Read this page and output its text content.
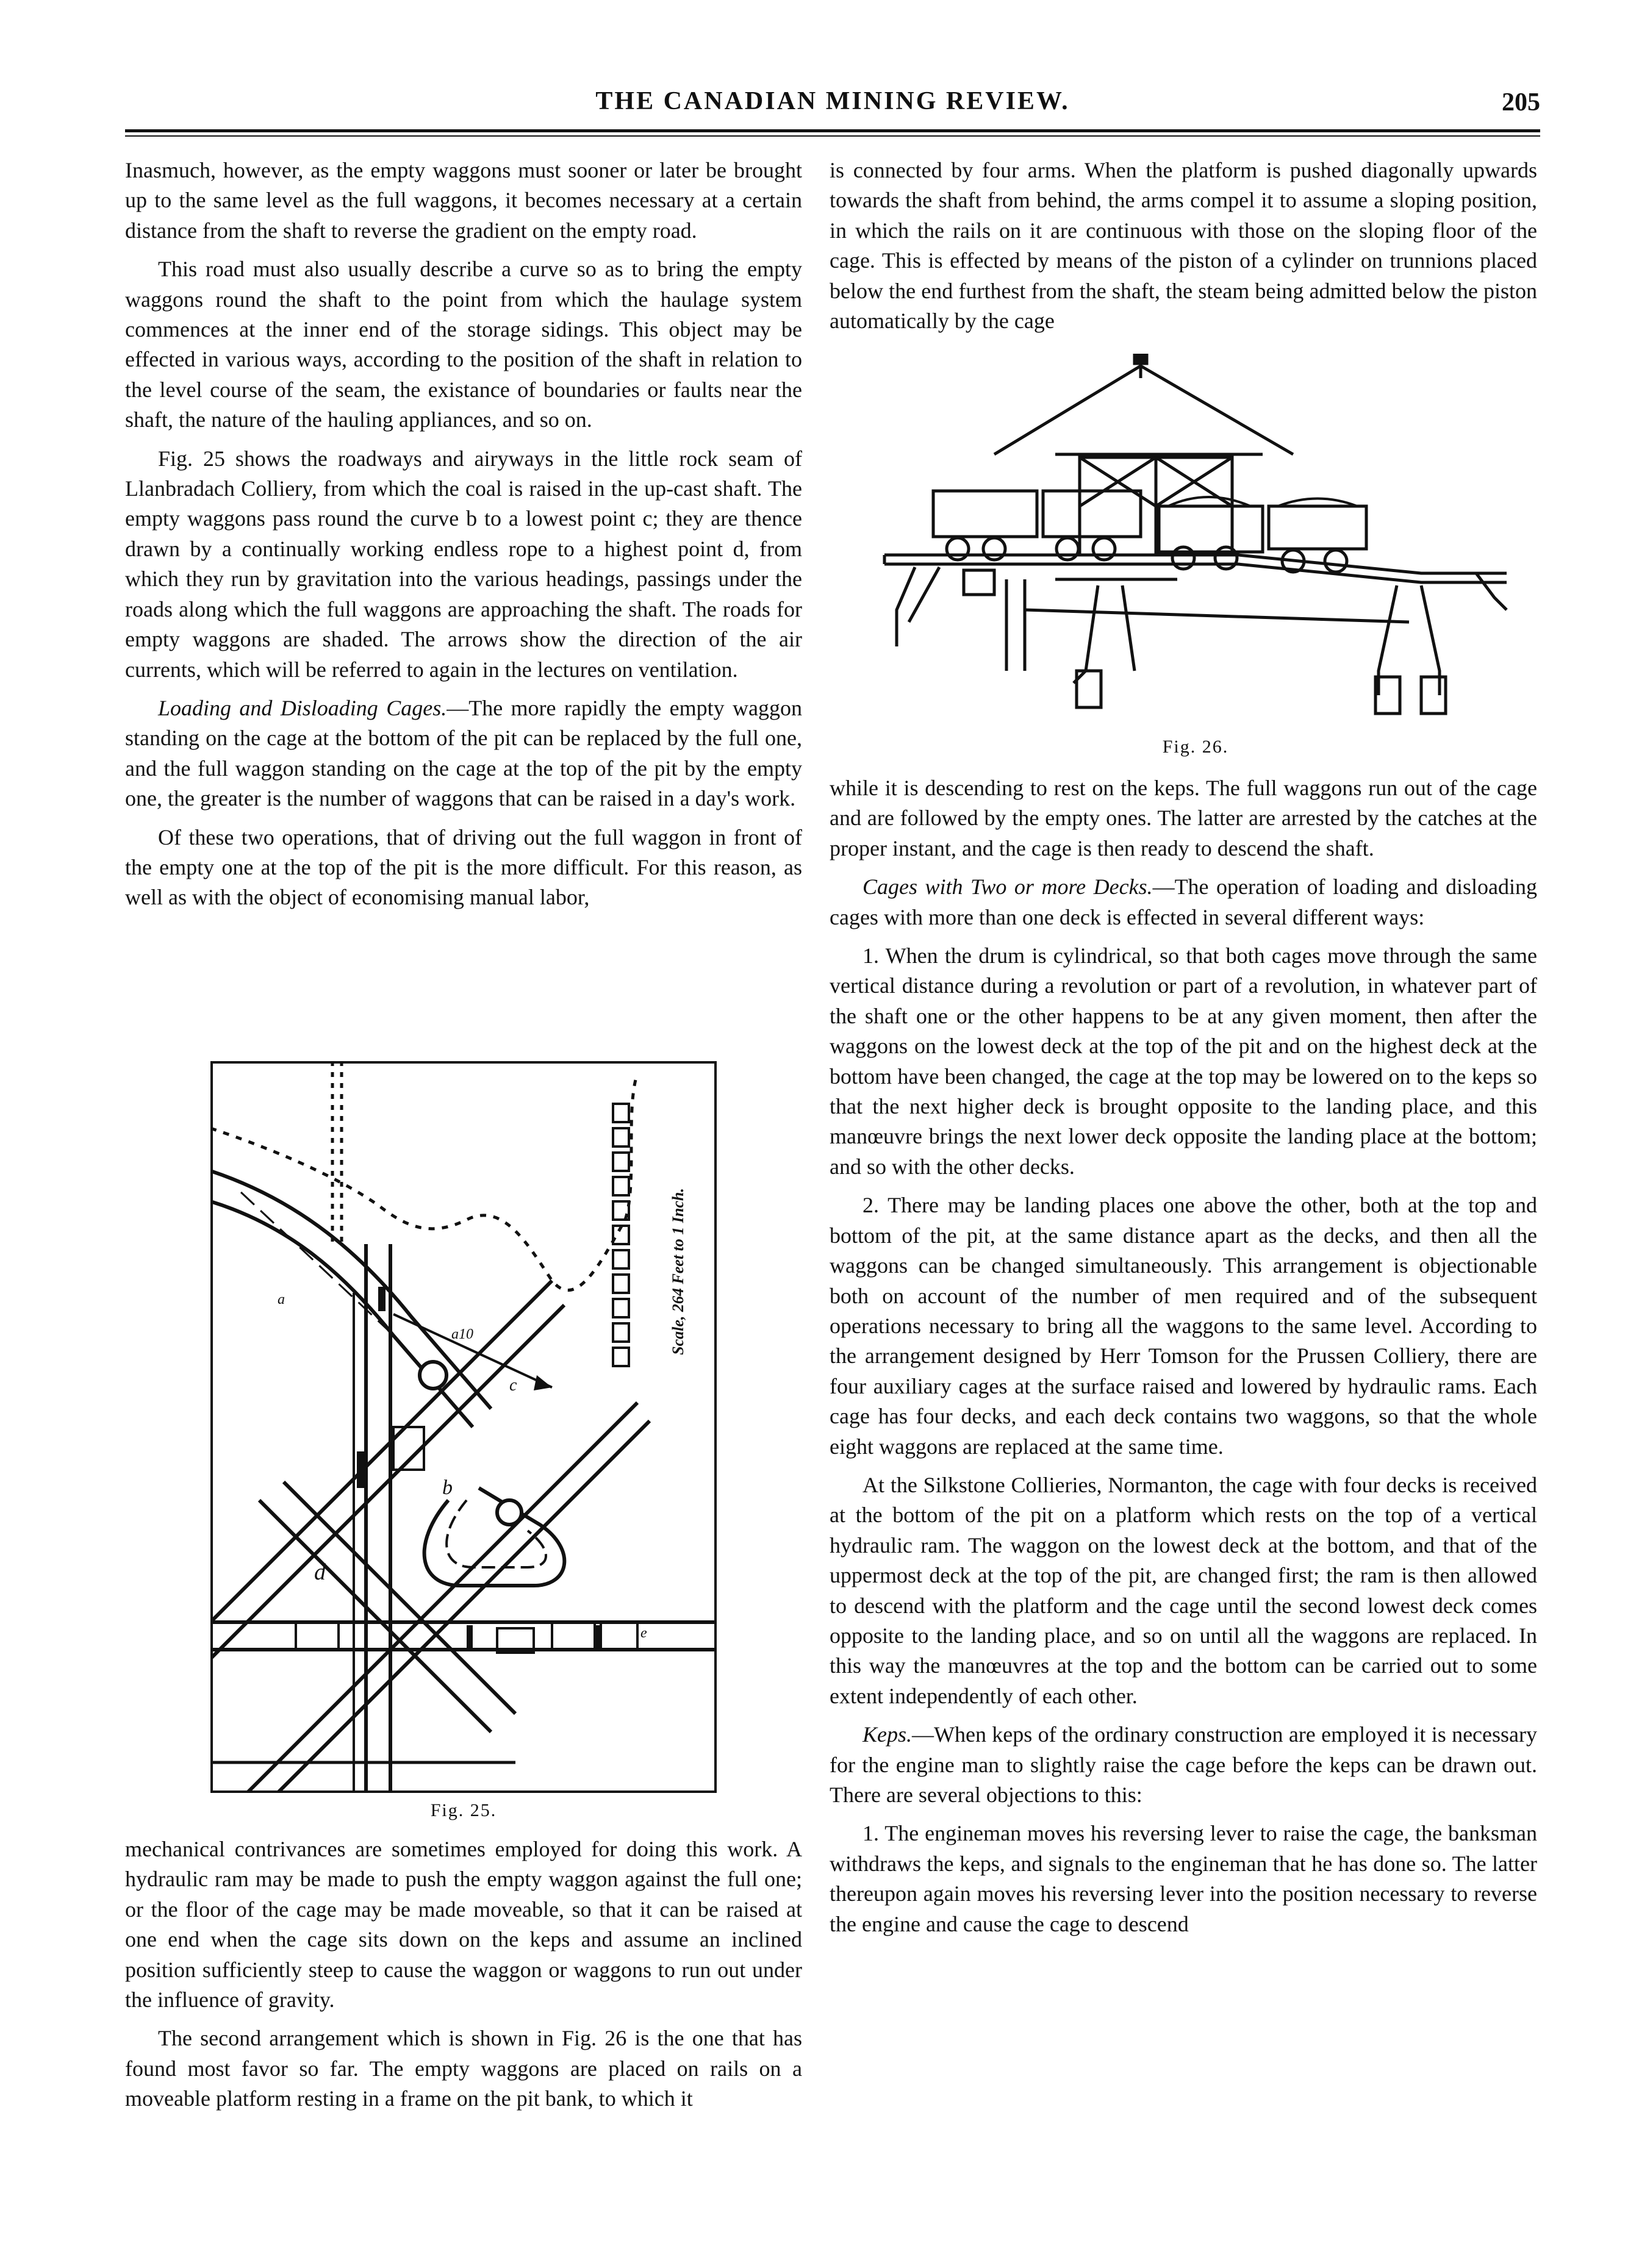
THE CANADIAN MINING REVIEW.	205

Inasmuch, however, as the empty waggons must sooner or later be brought up to the same level as the full waggons, it becomes necessary at a certain distance from the shaft to reverse the gradient on the empty road.

This road must also usually describe a curve so as to bring the empty waggons round the shaft to the point from which the haulage system commences at the inner end of the storage sidings. This object may be effected in various ways, according to the position of the shaft in relation to the level course of the seam, the existance of boundaries or faults near the shaft, the nature of the hauling appliances, and so on.

Fig. 25 shows the roadways and airyways in the little rock seam of Llanbradach Colliery, from which the coal is raised in the up-cast shaft. The empty waggons pass round the curve b to a lowest point c; they are thence drawn by a continually working endless rope to a highest point d, from which they run by gravitation into the various headings, passings under the roads along which the full waggons are approaching the shaft. The roads for empty waggons are shaded. The arrows show the direction of the air currents, which will be referred to again in the lectures on ventilation.

Loading and Disloading Cages.—The more rapidly the empty waggon standing on the cage at the bottom of the pit can be replaced by the full one, and the full waggon standing on the cage at the top of the pit by the empty one, the greater is the number of waggons that can be raised in a day's work.

Of these two operations, that of driving out the full waggon in front of the empty one at the top of the pit is the more difficult. For this reason, as well as with the object of economising manual labor,

Scale, 264 Feet to 1 Inch.
b
c
d
a
e
a10
Fig. 25.

mechanical contrivances are sometimes employed for doing this work. A hydraulic ram may be made to push the empty waggon against the full one; or the floor of the cage may be made moveable, so that it can be raised at one end when the cage sits down on the keps and assume an inclined position sufficiently steep to cause the waggon or waggons to run out under the influence of gravity.

The second arrangement which is shown in Fig. 26 is the one that has found most favor so far. The empty waggons are placed on rails on a moveable platform resting in a frame on the pit bank, to which it

is connected by four arms. When the platform is pushed diagonally upwards towards the shaft from behind, the arms compel it to assume a sloping position, in which the rails on it are continuous with those on the sloping floor of the cage. This is effected by means of the piston of a cylinder on trunnions placed below the end furthest from the shaft, the steam being admitted below the piston automatically by the cage

Fig. 26.

while it is descending to rest on the keps. The full waggons run out of the cage and are followed by the empty ones. The latter are arrested by the catches at the proper instant, and the cage is then ready to descend the shaft.

Cages with Two or more Decks.—The operation of loading and disloading cages with more than one deck is effected in several different ways:

1. When the drum is cylindrical, so that both cages move through the same vertical distance during a revolution or part of a revolution, in whatever part of the shaft one or the other happens to be at any given moment, then after the waggons on the lowest deck at the top of the pit and on the highest deck at the bottom have been changed, the cage at the top may be lowered on to the keps so that the next higher deck is brought opposite to the landing place, and this manœuvre brings the next lower deck opposite the landing place at the bottom; and so with the other decks.

2. There may be landing places one above the other, both at the top and bottom of the pit, at the same distance apart as the decks, and then all the waggons can be changed simultaneously. This arrangement is objectionable both on account of the number of men required and of the subsequent operations necessary to bring all the waggons to the same level. According to the arrangement designed by Herr Tomson for the Prussen Colliery, there are four auxiliary cages at the surface raised and lowered by hydraulic rams. Each cage has four decks, and each deck contains two waggons, so that the whole eight waggons are replaced at the same time.

At the Silkstone Collieries, Normanton, the cage with four decks is received at the bottom of the pit on a platform which rests on the top of a vertical hydraulic ram. The waggon on the lowest deck at the bottom, and that of the uppermost deck at the top of the pit, are changed first; the ram is then allowed to descend with the platform and the cage until the second lowest deck comes opposite to the landing place, and so on until all the waggons are replaced. In this way the manœuvres at the top and the bottom can be carried out to some extent independently of each other.

Keps.—When keps of the ordinary construction are employed it is necessary for the engine man to slightly raise the cage before the keps can be drawn out. There are several objections to this:

1. The engineman moves his reversing lever to raise the cage, the banksman withdraws the keps, and signals to the engineman that he has done so. The latter thereupon again moves his reversing lever into the position necessary to reverse the engine and cause the cage to descend
